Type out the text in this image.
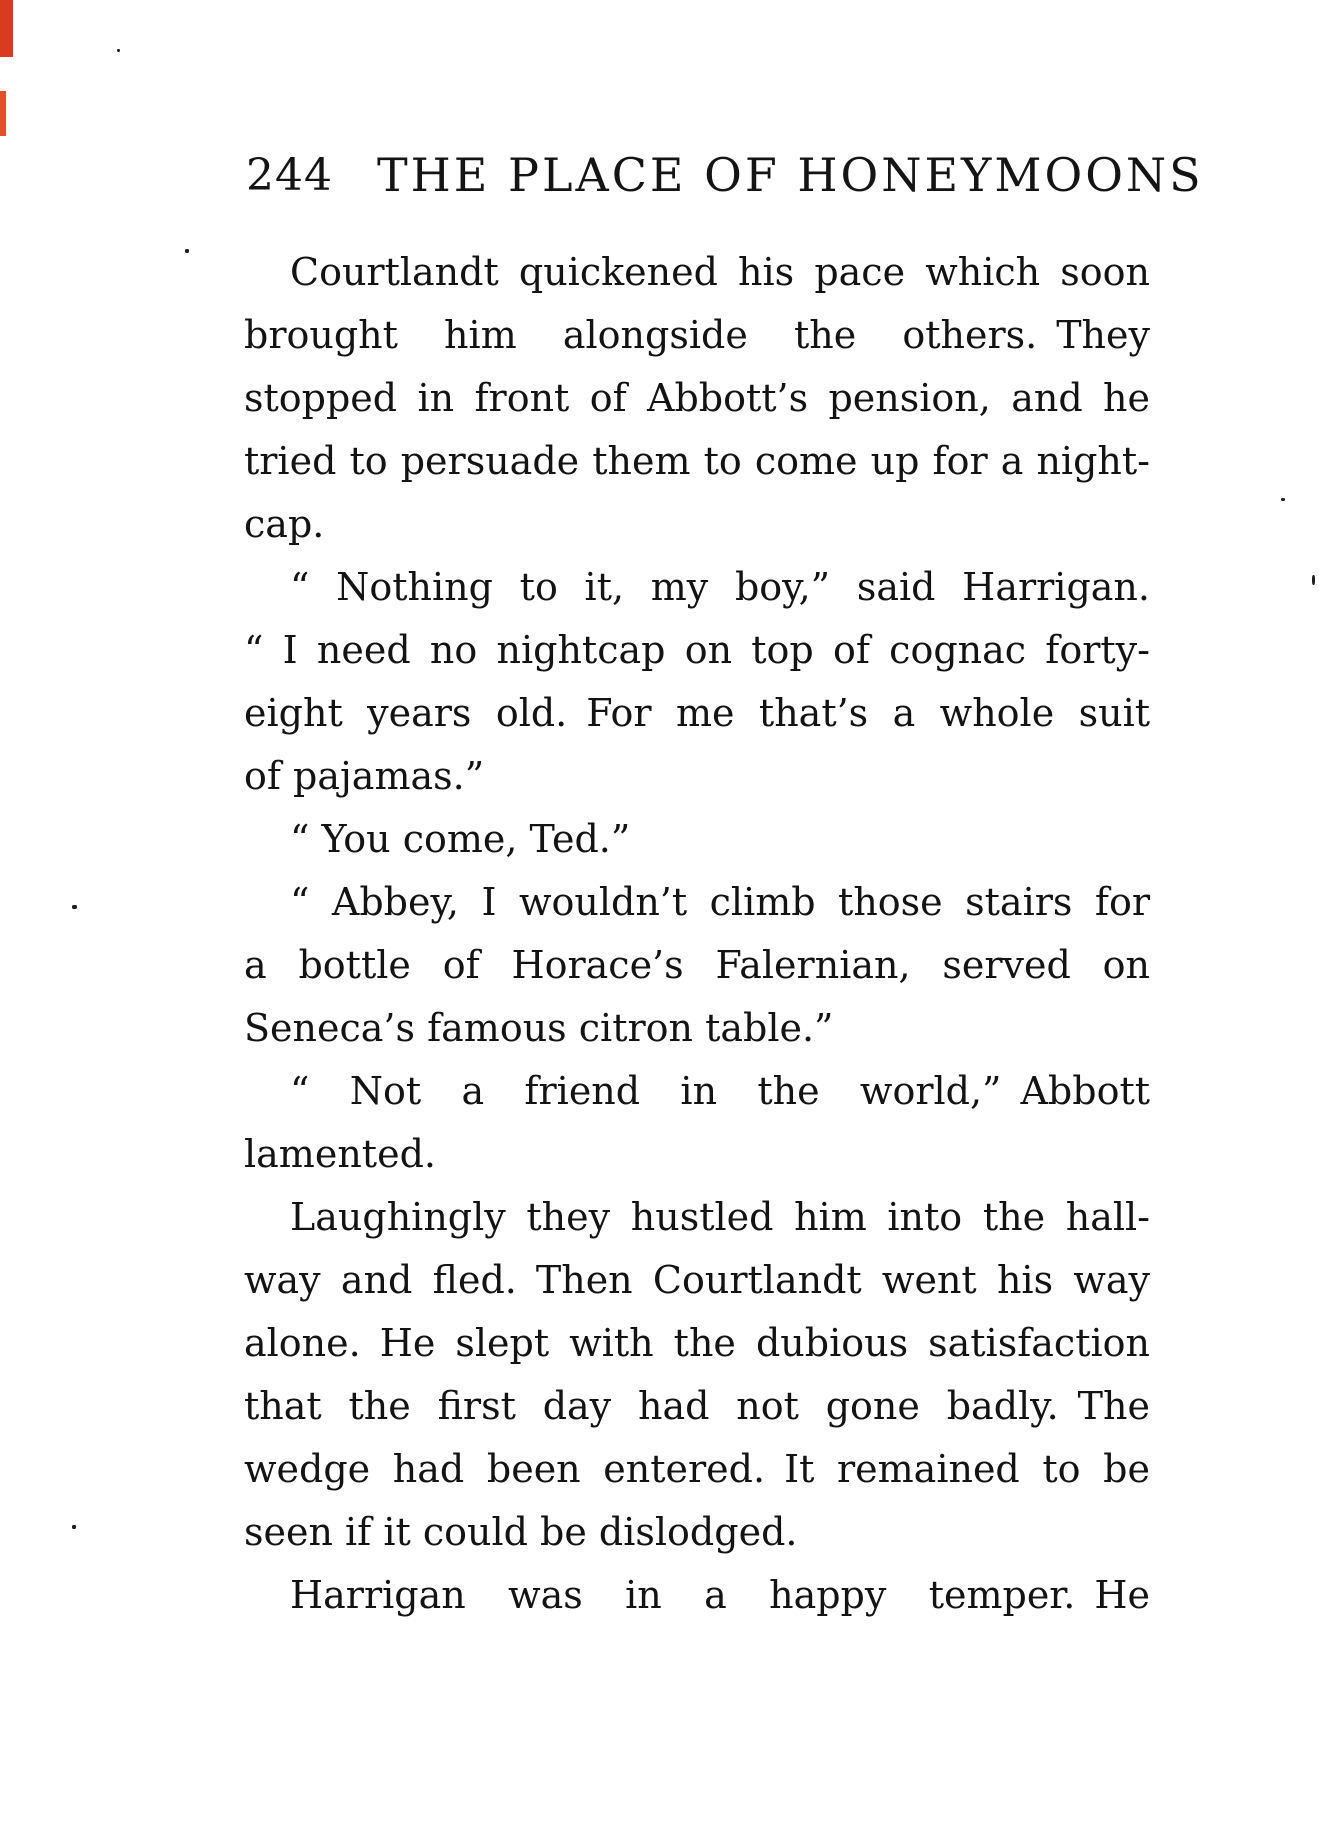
244 THE PLACE OF HONEYMOONS
Courtlandt quickened his pace which soon
brought him alongside the others. They
stopped in front of Abbott’s pension, and he
tried to persuade them to come up for a night-
cap.
“ Nothing to it, my boy,” said Harrigan.
“ I need no nightcap on top of cognac forty-
eight years old. For me that’s a whole suit
of pajamas.”
“ You come, Ted.”
“ Abbey, I wouldn’t climb those stairs for
a bottle of Horace’s Falernian, served on
Seneca’s famous citron table.”
“ Not a friend in the world,” Abbott
lamented.
Laughingly they hustled him into the hall-
way and fled. Then Courtlandt went his way
alone. He slept with the dubious satisfaction
that the first day had not gone badly. The
wedge had been entered. It remained to be
seen if it could be dislodged.
Harrigan was in a happy temper. He
